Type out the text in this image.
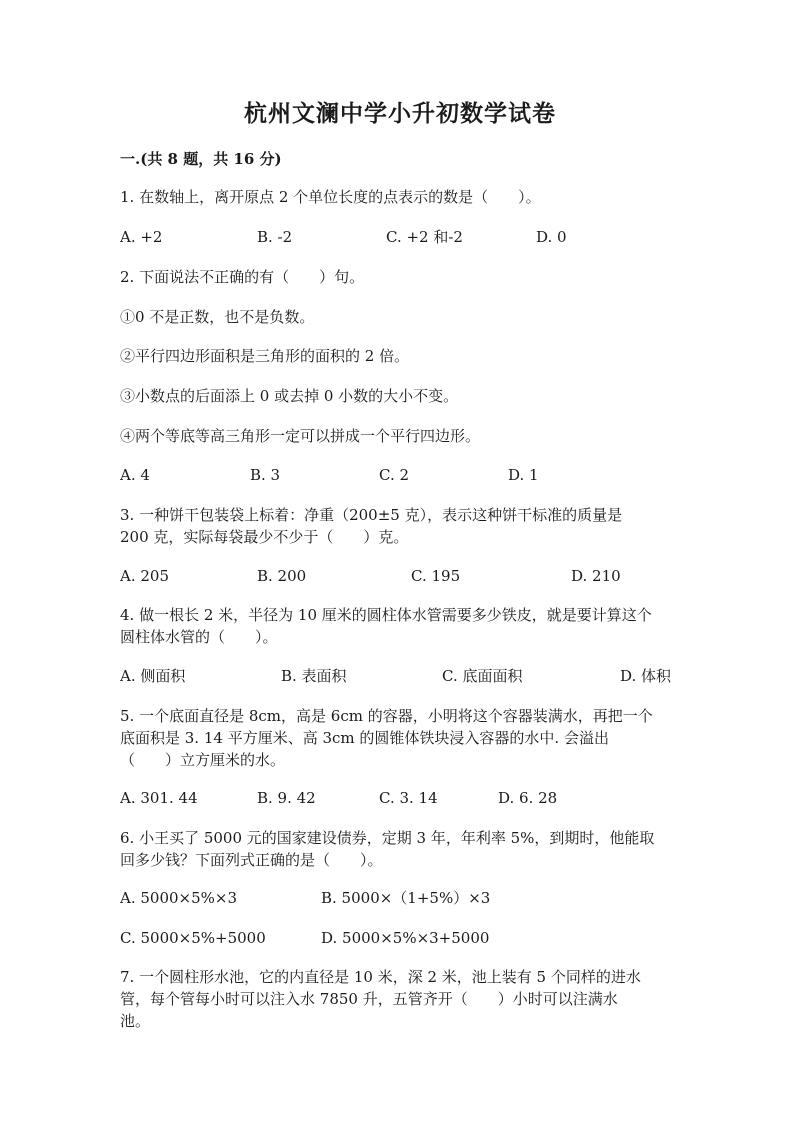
杭州文澜中学小升初数学试卷

一.(共 8 题，共 16 分)

1. 在数轴上，离开原点 2 个单位长度的点表示的数是（　　）。

A. +2	B. -2	C. +2 和-2	D. 0

2. 下面说法不正确的有（　　）句。

①0 不是正数，也不是负数。

②平行四边形面积是三角形的面积的 2 倍。

③小数点的后面添上 0 或去掉 0 小数的大小不变。

④两个等底等高三角形一定可以拼成一个平行四边形。

A. 4	B. 3	C. 2	D. 1

3. 一种饼干包装袋上标着：净重（200±5 克），表示这种饼干标准的质量是

200 克，实际每袋最少不少于（　　）克。

A. 205	B. 200	C. 195	D. 210

4. 做一根长 2 米，半径为 10 厘米的圆柱体水管需要多少铁皮，就是要计算这个

圆柱体水管的（　　）。

A. 侧面积	B. 表面积	C. 底面面积	D. 体积

5. 一个底面直径是 8cm，高是 6cm 的容器，小明将这个容器装满水，再把一个

底面积是 3. 14 平方厘米、高 3cm 的圆锥体铁块浸入容器的水中. 会溢出

（　　）立方厘米的水。

A. 301. 44	B. 9. 42	C. 3. 14	D. 6. 28

6. 小王买了 5000 元的国家建设债券，定期 3 年，年利率 5%，到期时，他能取

回多少钱？下面列式正确的是（　　）。

A. 5000×5%×3	B. 5000×（1+5%）×3
C. 5000×5%+5000	D. 5000×5%×3+5000

7. 一个圆柱形水池，它的内直径是 10 米，深 2 米，池上装有 5 个同样的进水

管，每个管每小时可以注入水 7850 升，五管齐开（　　）小时可以注满水

池。
